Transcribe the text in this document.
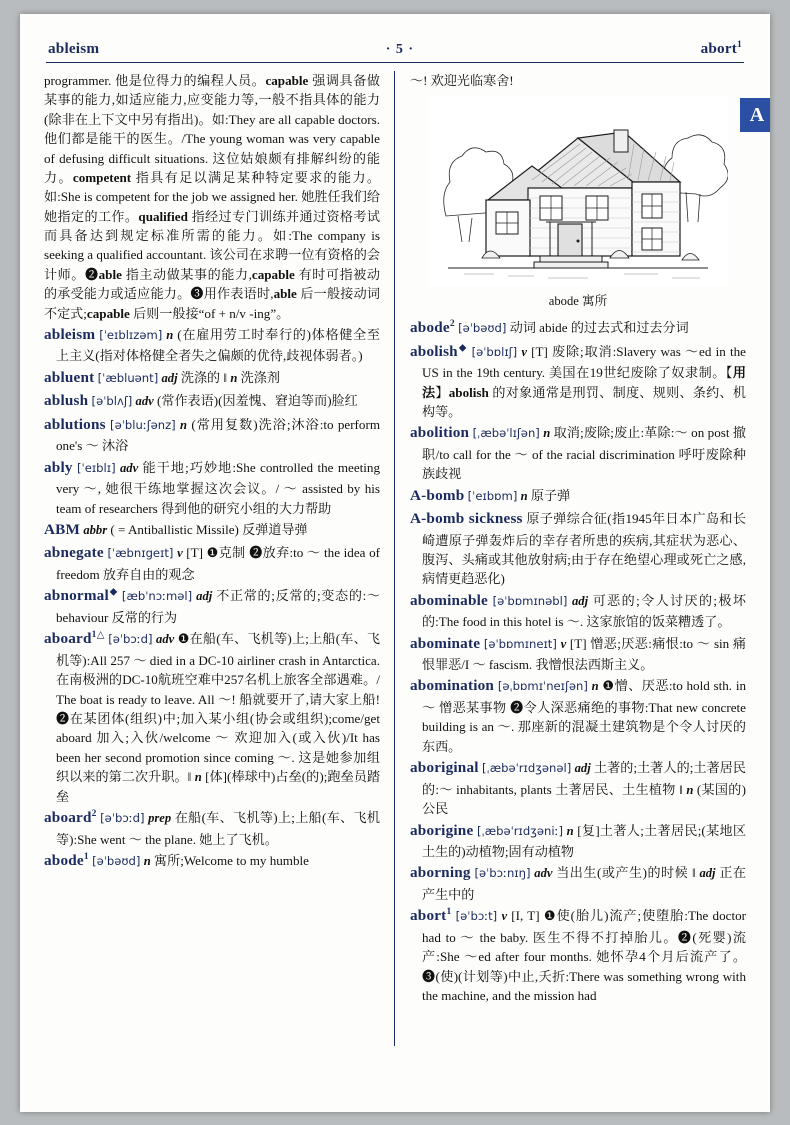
ableism	· 5 ·	abort$^1$
programmer. 他是位得力的编程人员。capable 强调具备做某事的能力,如适应能力,应变能力等,一般不指具体的能力(除非在上下文中另有指出)。如:They are all capable doctors. 他们都是能干的医生。/The young woman was very capable of defusing difficult situations. 这位姑娘颇有排解纠纷的能力。competent 指具有足以满足某种特定要求的能力。如:She is competent for the job we assigned her. 她胜任我们给她指定的工作。qualified 指经过专门训练并通过资格考试而具备达到规定标准所需的能力。如:The company is seeking a qualified accountant. 该公司在求聘一位有资格的会计师。❷able 指主动做某事的能力,capable 有时可指被动的承受能力或适应能力。❸用作表语时,able 后一般接动词不定式;capable 后则一般接“of + n/v -ing”。
ableism [ˈeɪblɪzəm] n (在雇用劳工时奉行的)体格健全至上主义(指对体格健全者失之偏颇的优待,歧视体弱者。)
abluent [ˈæbluənt] adj 洗涤的 ‖ n 洗涤剂
ablush [əˈblʌʃ] adv (常作表语)(因羞愧、窘迫等而)脸红
ablutions [əˈbluːʃənz] n (常用复数)洗浴;沐浴:to perform one's ～ 沐浴
ably [ˈeɪblɪ] adv 能干地;巧妙地:She controlled the meeting very ～, 她很干练地掌握这次会议。/ ～ assisted by his team of researchers 得到他的研究小组的大力帮助
ABM abbr ( = Antiballistic Missile) 反弹道导弹
abnegate [ˈæbnɪgeɪt] v [T] ❶克制 ❷放弃:to ～ the idea of freedom 放弃自由的观念
abnormal◆ [æbˈnɔːməl] adj 不正常的;反常的;变态的:～ behaviour 反常的行为
aboard$^{1\triangle}$ [əˈbɔːd] adv ❶在船(车、飞机等)上;上船(车、飞机等):All 257 ～ died in a DC-10 airliner crash in Antarctica. 在南极洲的DC-10航班空难中257名机上旅客全部遇难。/ The boat is ready to leave. All ～! 船就要开了,请大家上船! ❷在某团体(组织)中;加入某小组(协会或组织);come/get aboard 加入;入伙/welcome ～ 欢迎加入(或入伙)/It has been her second promotion since coming ～. 这是她参加组织以来的第二次升职。‖ n [体](棒球中)占垒(的);跑垒员踏垒
aboard$^2$ [əˈbɔːd] prep 在船(车、飞机等)上;上船(车、飞机等):She went ～ the plane. 她上了飞机。
abode$^1$ [əˈbəʊd] n 寓所;Welcome to my humble
～! 欢迎光临寒舍!
abode 寓所
abode$^2$ [əˈbəʊd] 动词 abide 的过去式和过去分词
abolish◆ [əˈbɒlɪʃ] v [T] 废除;取消:Slavery was ～ed in the US in the 19th century. 美国在19世纪废除了奴隶制。【用法】abolish 的对象通常是刑罚、制度、规则、条约、机构等。
abolition [ˌæbəˈlɪʃən] n 取消;废除;废止:革除:～ on post 撤职/to call for the ～ of the racial discrimination 呼吁废除种族歧视
A-bomb [ˈeɪbɒm] n 原子弹
A-bomb sickness 原子弹综合征(指1945年日本广岛和长崎遭原子弹轰炸后的幸存者所患的疾病,其症状为恶心、腹泻、头痛或其他放射病;由于存在绝望心理或死亡之感,病情更趋恶化)
abominable [əˈbɒmɪnəbl] adj 可恶的;令人讨厌的;极坏的:The food in this hotel is ～. 这家旅馆的饭菜糟透了。
abominate [əˈbɒmɪneɪt] v [T] 憎恶;厌恶:痛恨:to ～ sin 痛恨罪恶/I ～ fascism. 我憎恨法西斯主义。
abomination [əˌbɒmɪˈneɪʃən] n ❶憎、厌恶:to hold sth. in ～ 憎恶某事物 ❷令人深恶痛绝的事物:That new concrete building is an ～. 那座新的混凝土建筑物是个令人讨厌的东西。
aboriginal [ˌæbəˈrɪdʒənəl] adj 土著的;土著人的;土著居民的:～ inhabitants, plants 土著居民、土生植物 ‖ n (某国的)公民
aborigine [ˌæbəˈrɪdʒəniː] n [复]土著人;土著居民;(某地区土生的)动植物;固有动植物
aborning [əˈbɔːnɪŋ] adv 当出生(或产生)的时候 ‖ adj 正在产生中的
abort$^1$ [əˈbɔːt] v [I, T] ❶使(胎儿)流产;使堕胎:The doctor had to ～ the baby. 医生不得不打掉胎儿。❷(死婴)流产:She ～ed after four months. 她怀孕4个月后流产了。❸(使)(计划等)中止,夭折:There was something wrong with the machine, and the mission had
A
